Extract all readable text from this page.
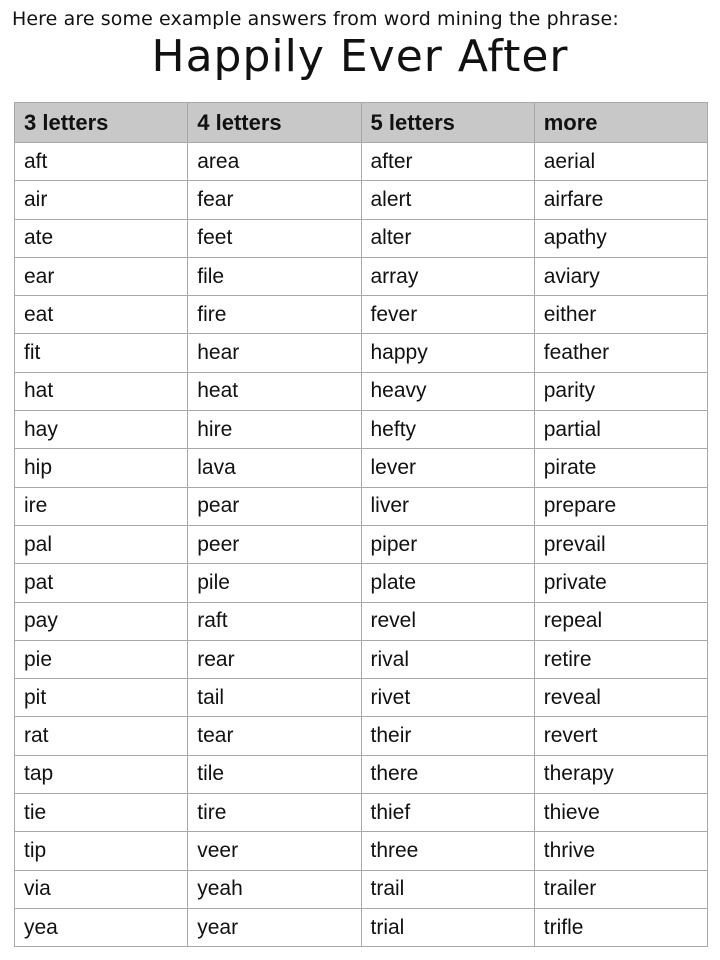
Here are some example answers from word mining the phrase:
Happily Ever After
3 letters	4 letters	5 letters	more
aft	area	after	aerial
air	fear	alert	airfare
ate	feet	alter	apathy
ear	file	array	aviary
eat	fire	fever	either
fit	hear	happy	feather
hat	heat	heavy	parity
hay	hire	hefty	partial
hip	lava	lever	pirate
ire	pear	liver	prepare
pal	peer	piper	prevail
pat	pile	plate	private
pay	raft	revel	repeal
pie	rear	rival	retire
pit	tail	rivet	reveal
rat	tear	their	revert
tap	tile	there	therapy
tie	tire	thief	thieve
tip	veer	three	thrive
via	yeah	trail	trailer
yea	year	trial	trifle
